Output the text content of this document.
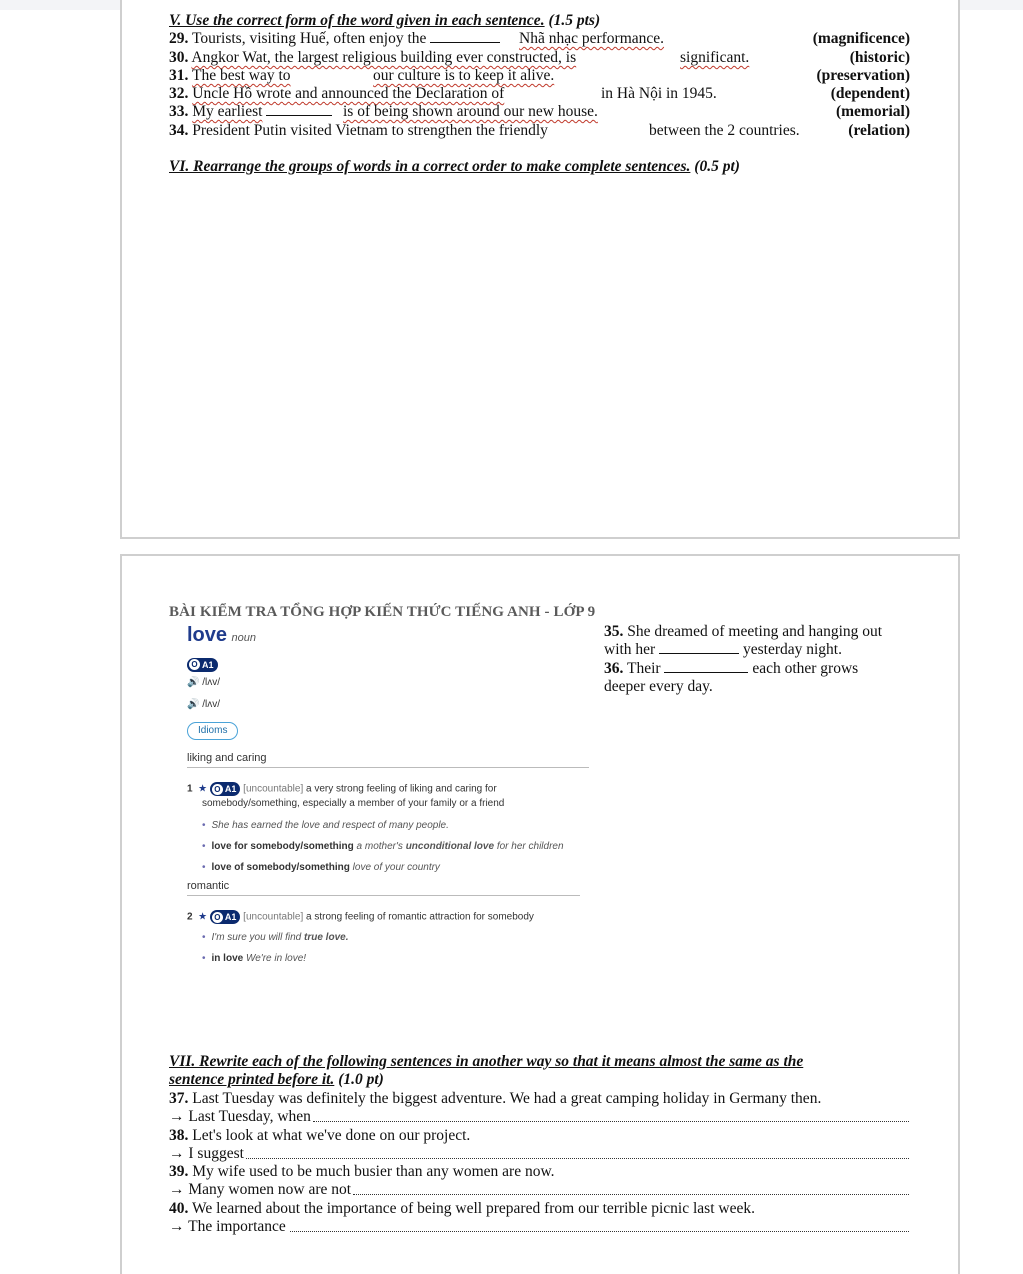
V. Use the correct form of the word given in each sentence. (1.5 pts)
29. Tourists, visiting Huế, often enjoy the	Nhã nhạc performance.	(magnificence)
30. Angkor Wat, the largest religious building ever constructed, is	significant.	(historic)
31. The best way to	our culture is to keep it alive.	(preservation)
32. Uncle Hồ wrote and announced the Declaration of	in Hà Nội in 1945.	(dependent)
33. My earliest	is of being shown around our new house.	(memorial)
34. President Putin visited Vietnam to strengthen the friendly	between the 2 countries.	(relation)
VI. Rearrange the groups of words in a correct order to make complete sentences. (0.5 pt)
BÀI KIỂM TRA TỔNG HỢP KIẾN THỨC TIẾNG ANH - LỚP 9
love noun
O A1
🔊 /lʌv/
🔊 /lʌv/
Idioms
liking and caring
1 ★ O A1 [uncountable] a very strong feeling of liking and caring for
somebody/something, especially a member of your family or a friend
• She has earned the love and respect of many people.
• love for somebody/something a mother's unconditional love for her children
• love of somebody/something love of your country
romantic
2 ★ O A1 [uncountable] a strong feeling of romantic attraction for somebody
• I'm sure you will find true love.
• in love We're in love!
35. She dreamed of meeting and hanging out
with her	yesterday night.
36. Their	each other grows
deeper every day.
VII. Rewrite each of the following sentences in another way so that it means almost the same as the
sentence printed before it. (1.0 pt)
37. Last Tuesday was definitely the biggest adventure. We had a great camping holiday in Germany then.
→ Last Tuesday, when
38. Let's look at what we've done on our project.
→ I suggest
39. My wife used to be much busier than any women are now.
→ Many women now are not
40. We learned about the importance of being well prepared from our terrible picnic last week.
→ The importance
